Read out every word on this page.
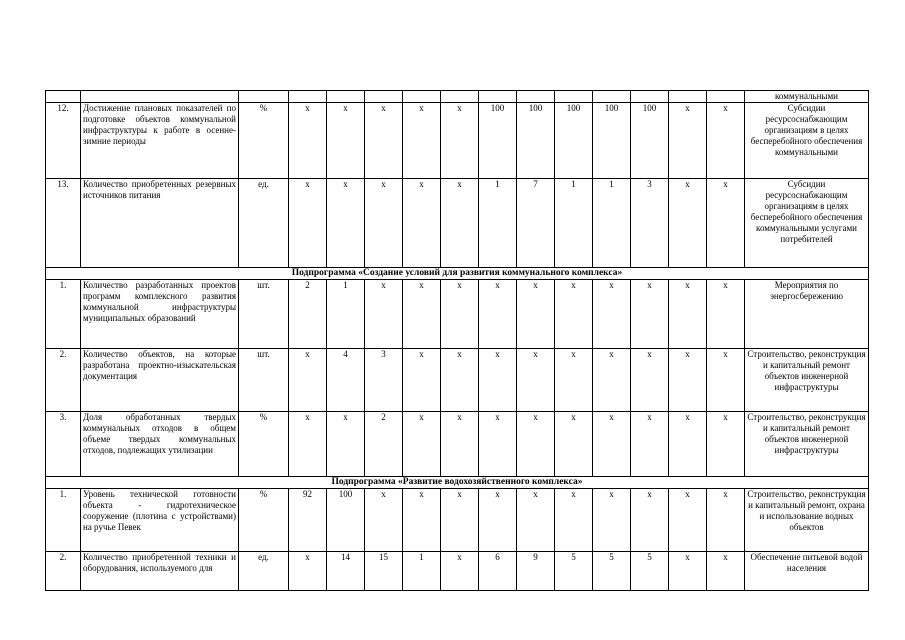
															коммунальными
12.	Достижение плановых показателей по подготовке объектов коммунальной инфраструктуры к работе в осенне-зимние периоды	%	x	x	x	x	x	100	100	100	100	100	x	x	Субсидии ресурсоснабжающим организациям в целях бесперебойного обеспечения коммунальными
13.	Количество приобретенных резервных источников питания	ед.	x	x	x	x	x	1	7	1	1	3	x	x	Субсидии ресурсоснабжающим организациям в целях бесперебойного обеспечения коммунальными услугами потребителей
Подпрограмма «Создание условий для развития коммунального комплекса»															
1.	Количество разработанных проектов программ комплексного развития коммунальной инфраструктуры муниципальных образований	шт.	2	1	x	x	x	x	x	x	x	x	x	x	Мероприятия по энергосбережению
2.	Количество объектов, на которые разработана проектно-изыскательская документация	шт.	x	4	3	x	x	x	x	x	x	x	x	x	Строительство, реконструкция и капитальный ремонт объектов инженерной инфраструктуры
3.	Доля обработанных твердых коммунальных отходов в общем объеме твердых коммунальных отходов, подлежащих утилизации	%	x	x	2	x	x	x	x	x	x	x	x	x	Строительство, реконструкция и капитальный ремонт объектов инженерной инфраструктуры
Подпрограмма «Развитие водохозяйственного комплекса»															
1.	Уровень технической готовности объекта - гидротехническое сооружение (плотина с устройствами) на ручье Певек	%	92	100	x	x	x	x	x	x	x	x	x	x	Строительство, реконструкция и капитальный ремонт, охрана и использование водных объектов
2.	Количество приобретенной техники и оборудования, используемого для	ед.	x	14	15	1	x	6	9	5	5	5	x	x	Обеспечение питьевой водой населения
